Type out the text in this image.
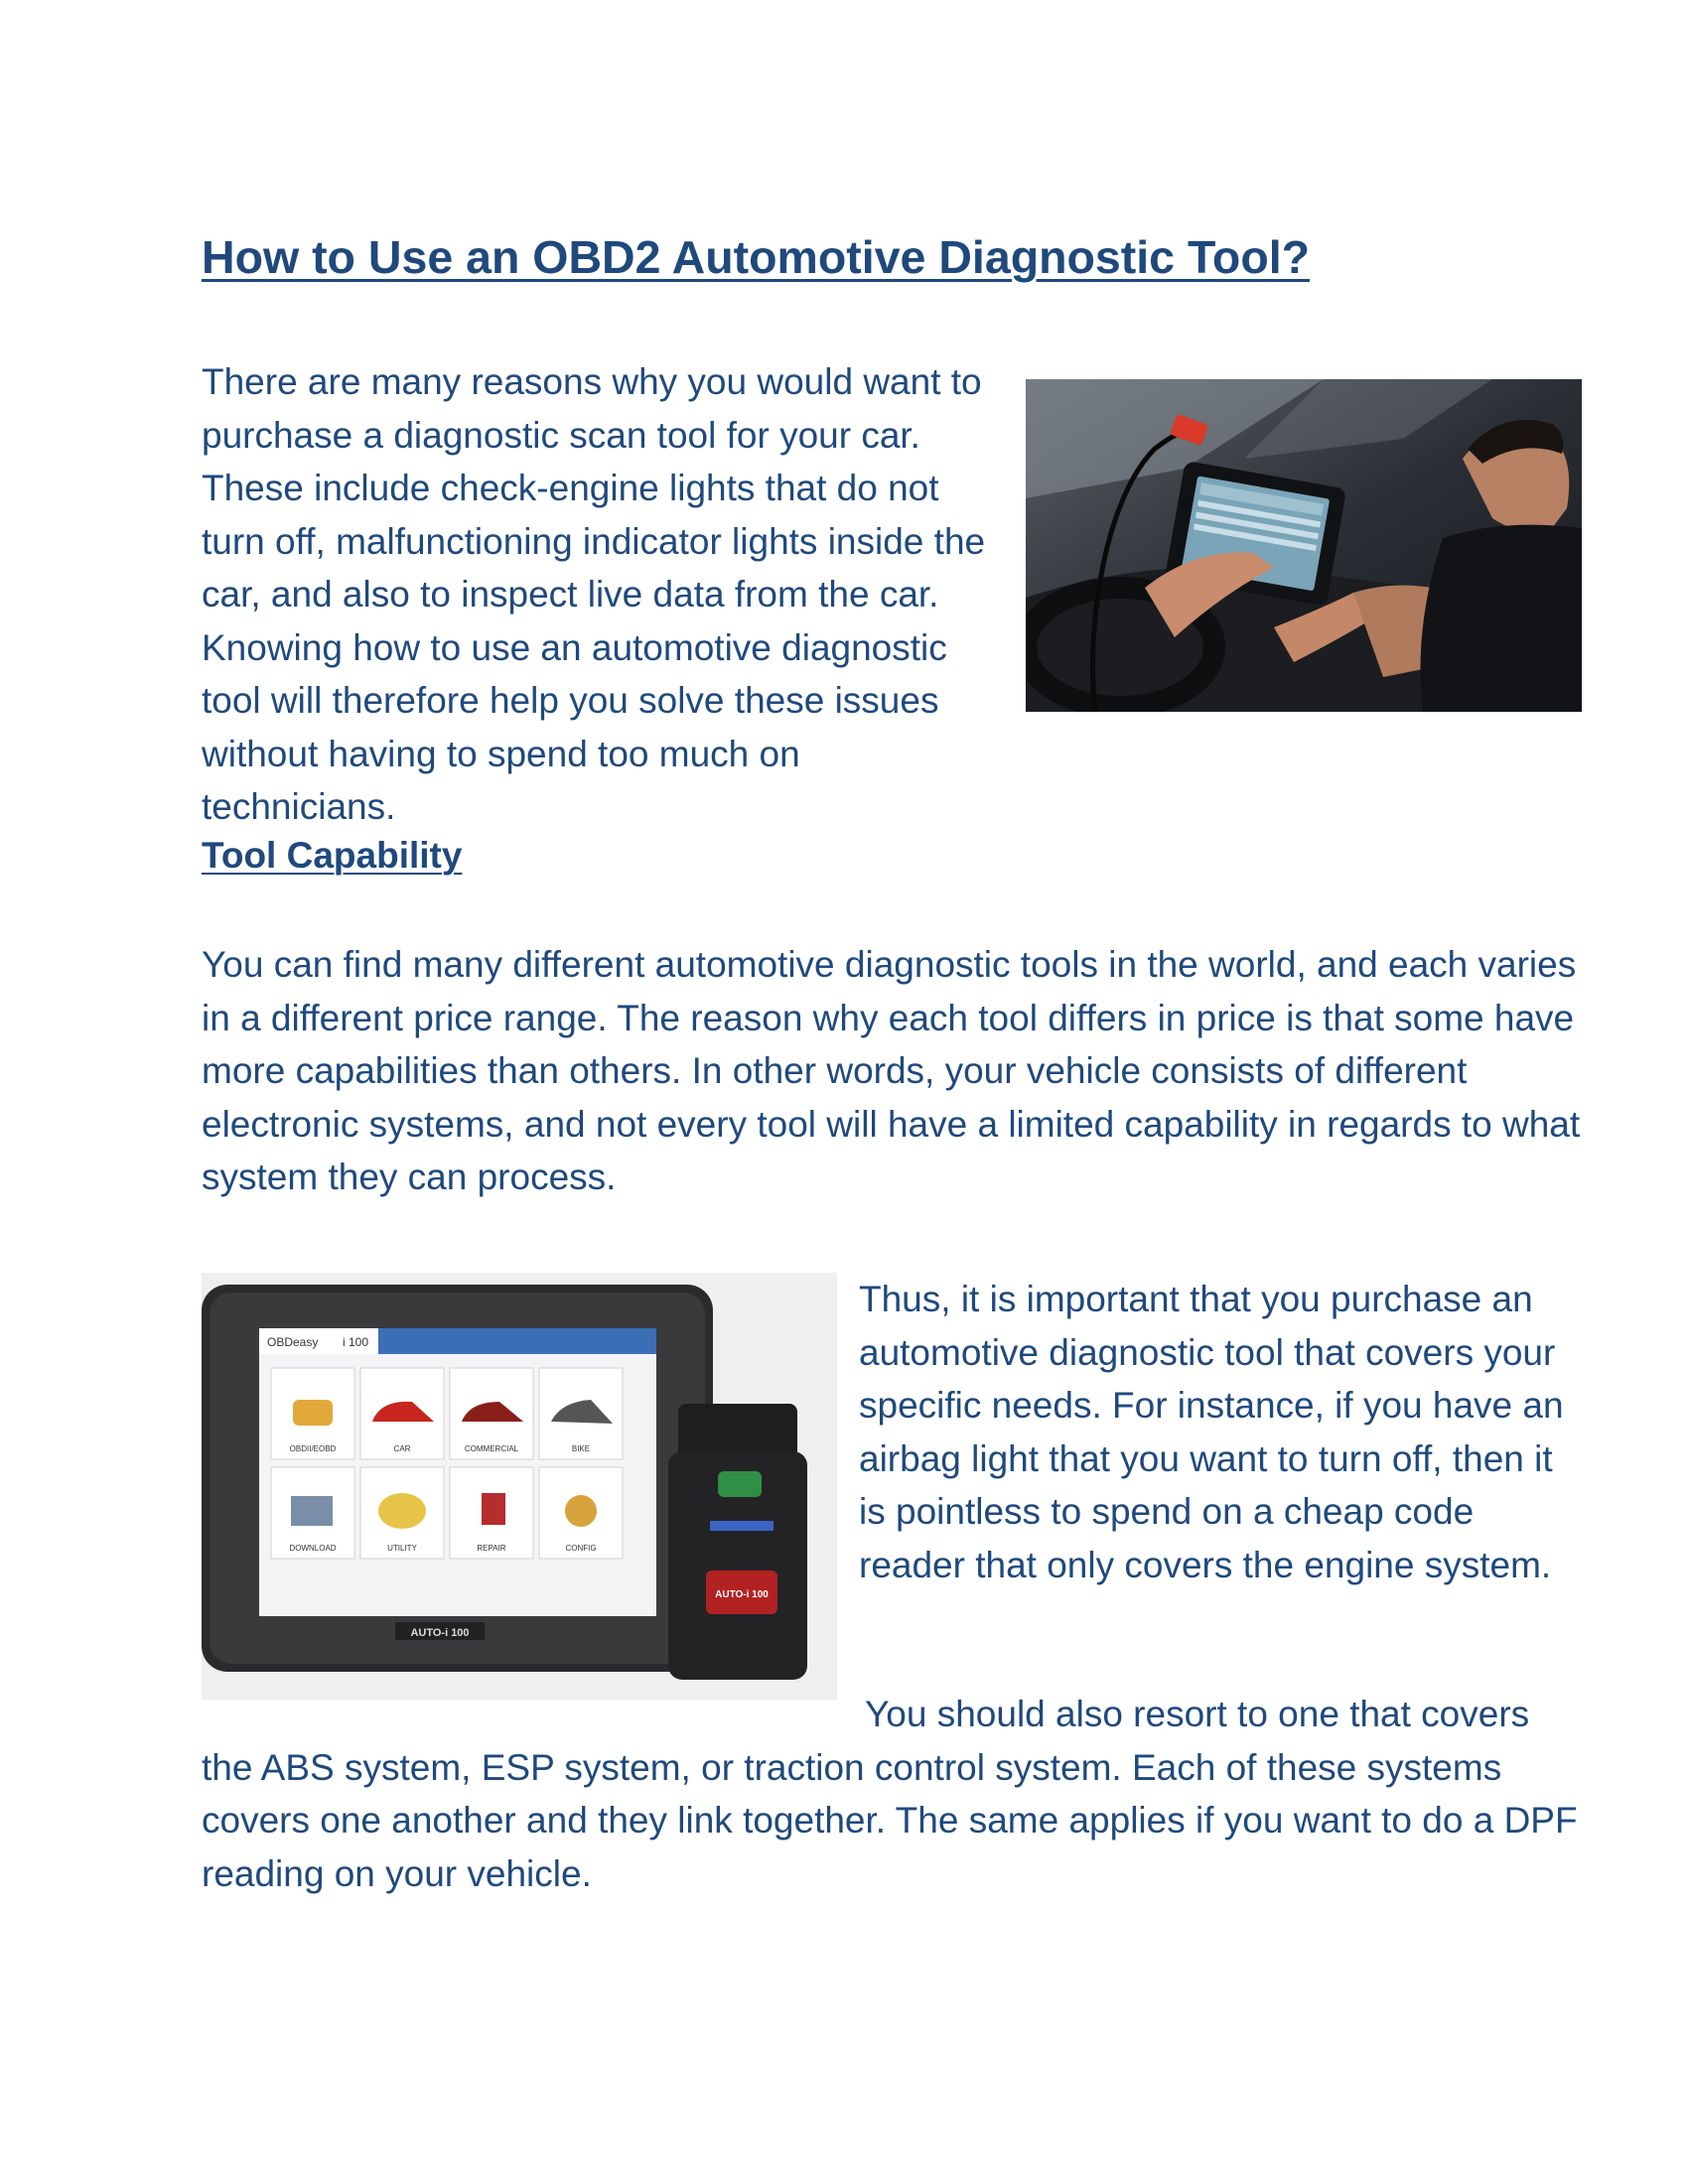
How to Use an OBD2 Automotive Diagnostic Tool?
There are many reasons why you would want to purchase a diagnostic scan tool for your car. These include check-engine lights that do not turn off, malfunctioning indicator lights inside the car, and also to inspect live data from the car. Knowing how to use an automotive diagnostic tool will therefore help you solve these issues without having to spend too much on technicians.
Tool Capability

You can find many different automotive diagnostic tools in the world, and each varies in a different price range. The reason why each tool differs in price is that some have more capabilities than others. In other words, your vehicle consists of different electronic systems, and not every tool will have a limited capability in regards to what system they can process.

OBDeasy i 100
OBDII/EOBD	CAR	COMMERCIAL	BIKE
DOWNLOAD	UTILITY	REPAIR	CONFIG
AUTO-i 100
AUTO-i 100
Thus, it is important that you purchase an automotive diagnostic tool that covers your specific needs. For instance, if you have an airbag light that you want to turn off, then it is pointless to spend on a cheap code reader that only covers the engine system.

You should also resort to one that covers the ABS system, ESP system, or traction control system. Each of these systems covers one another and they link together. The same applies if you want to do a DPF reading on your vehicle.
